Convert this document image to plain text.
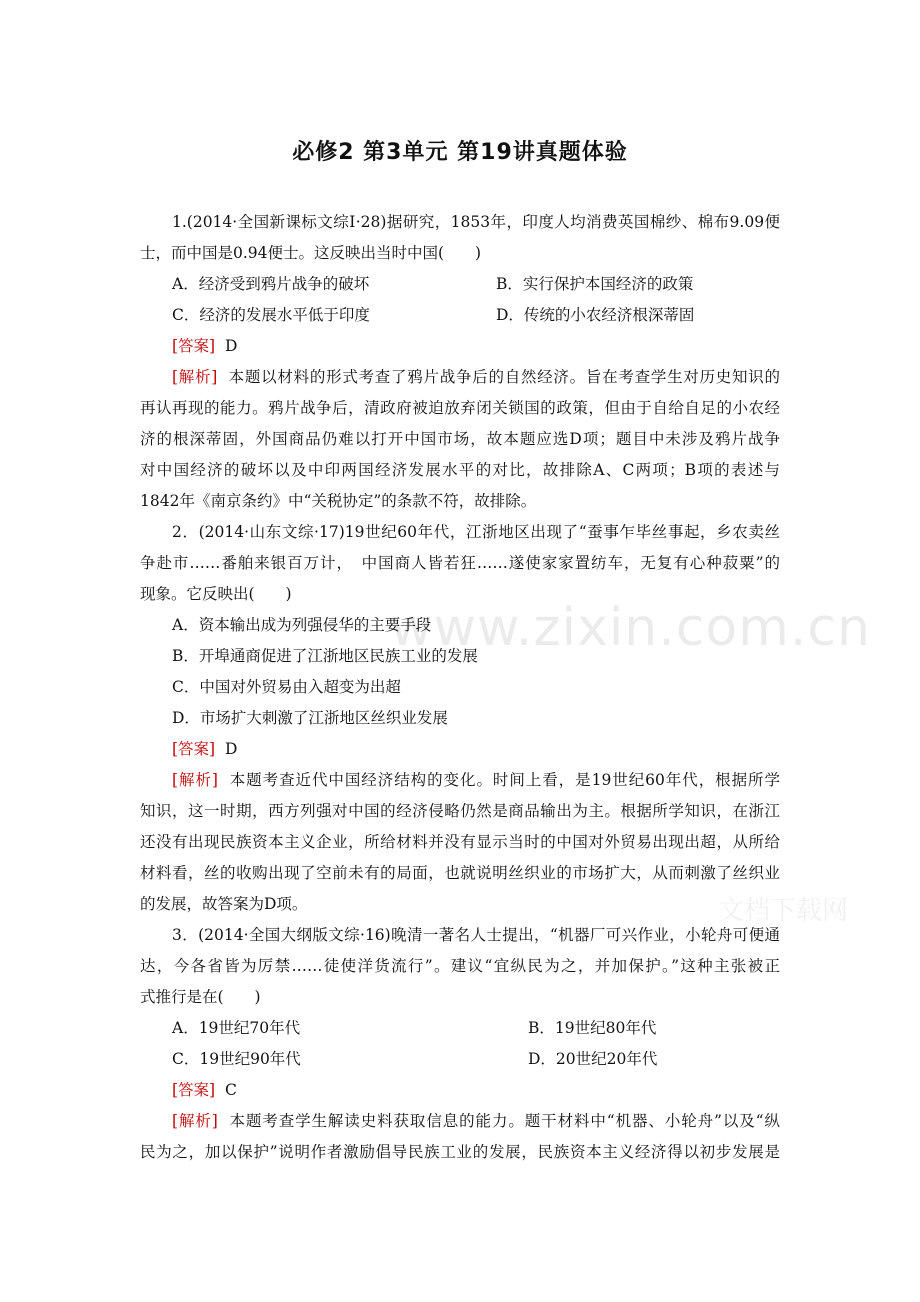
必修2 第3单元 第19讲真题体验
www.zixin.com.cn
文档下载网
1.(2014·全国新课标文综Ⅰ·28)据研究，1853年，印度人均消费英国棉纱、棉布9.09便
士，而中国是0.94便士。这反映出当时中国(　　)
A．经济受到鸦片战争的破坏	B．实行保护本国经济的政策
C．经济的发展水平低于印度	D．传统的小农经济根深蒂固
[答案] D
[解析] 本题以材料的形式考查了鸦片战争后的自然经济。旨在考查学生对历史知识的
再认再现的能力。鸦片战争后，清政府被迫放弃闭关锁国的政策，但由于自给自足的小农经
济的根深蒂固，外国商品仍难以打开中国市场，故本题应选D项；题目中未涉及鸦片战争
对中国经济的破坏以及中印两国经济发展水平的对比，故排除A、C两项；B项的表述与
1842年《南京条约》中“关税协定”的条款不符，故排除。
2．(2014·山东文综·17)19世纪60年代，江浙地区出现了“蚕事乍毕丝事起，乡农卖丝
争赴市……番舶来银百万计，　中国商人皆若狂……遂使家家置纺车，无复有心种菽粟”的
现象。它反映出(　　)
A．资本输出成为列强侵华的主要手段
B．开埠通商促进了江浙地区民族工业的发展
C．中国对外贸易由入超变为出超
D．市场扩大刺激了江浙地区丝织业发展
[答案] D
[解析] 本题考查近代中国经济结构的变化。时间上看，是19世纪60年代，根据所学
知识，这一时期，西方列强对中国的经济侵略仍然是商品输出为主。根据所学知识，在浙江
还没有出现民族资本主义企业，所给材料并没有显示当时的中国对外贸易出现出超，从所给
材料看，丝的收购出现了空前未有的局面，也就说明丝织业的市场扩大，从而刺激了丝织业
的发展，故答案为D项。
3．(2014·全国大纲版文综·16)晚清一著名人士提出，“机器厂可兴作业，小轮舟可便通
达，今各省皆为厉禁……徒使洋货流行”。建议“宜纵民为之，并加保护。”这种主张被正
式推行是在(　　)
A．19世纪70年代	B．19世纪80年代
C．19世纪90年代	D．20世纪20年代
[答案] C
[解析] 本题考查学生解读史料获取信息的能力。题干材料中“机器、小轮舟”以及“纵
民为之，加以保护”说明作者激励倡导民族工业的发展，民族资本主义经济得以初步发展是
